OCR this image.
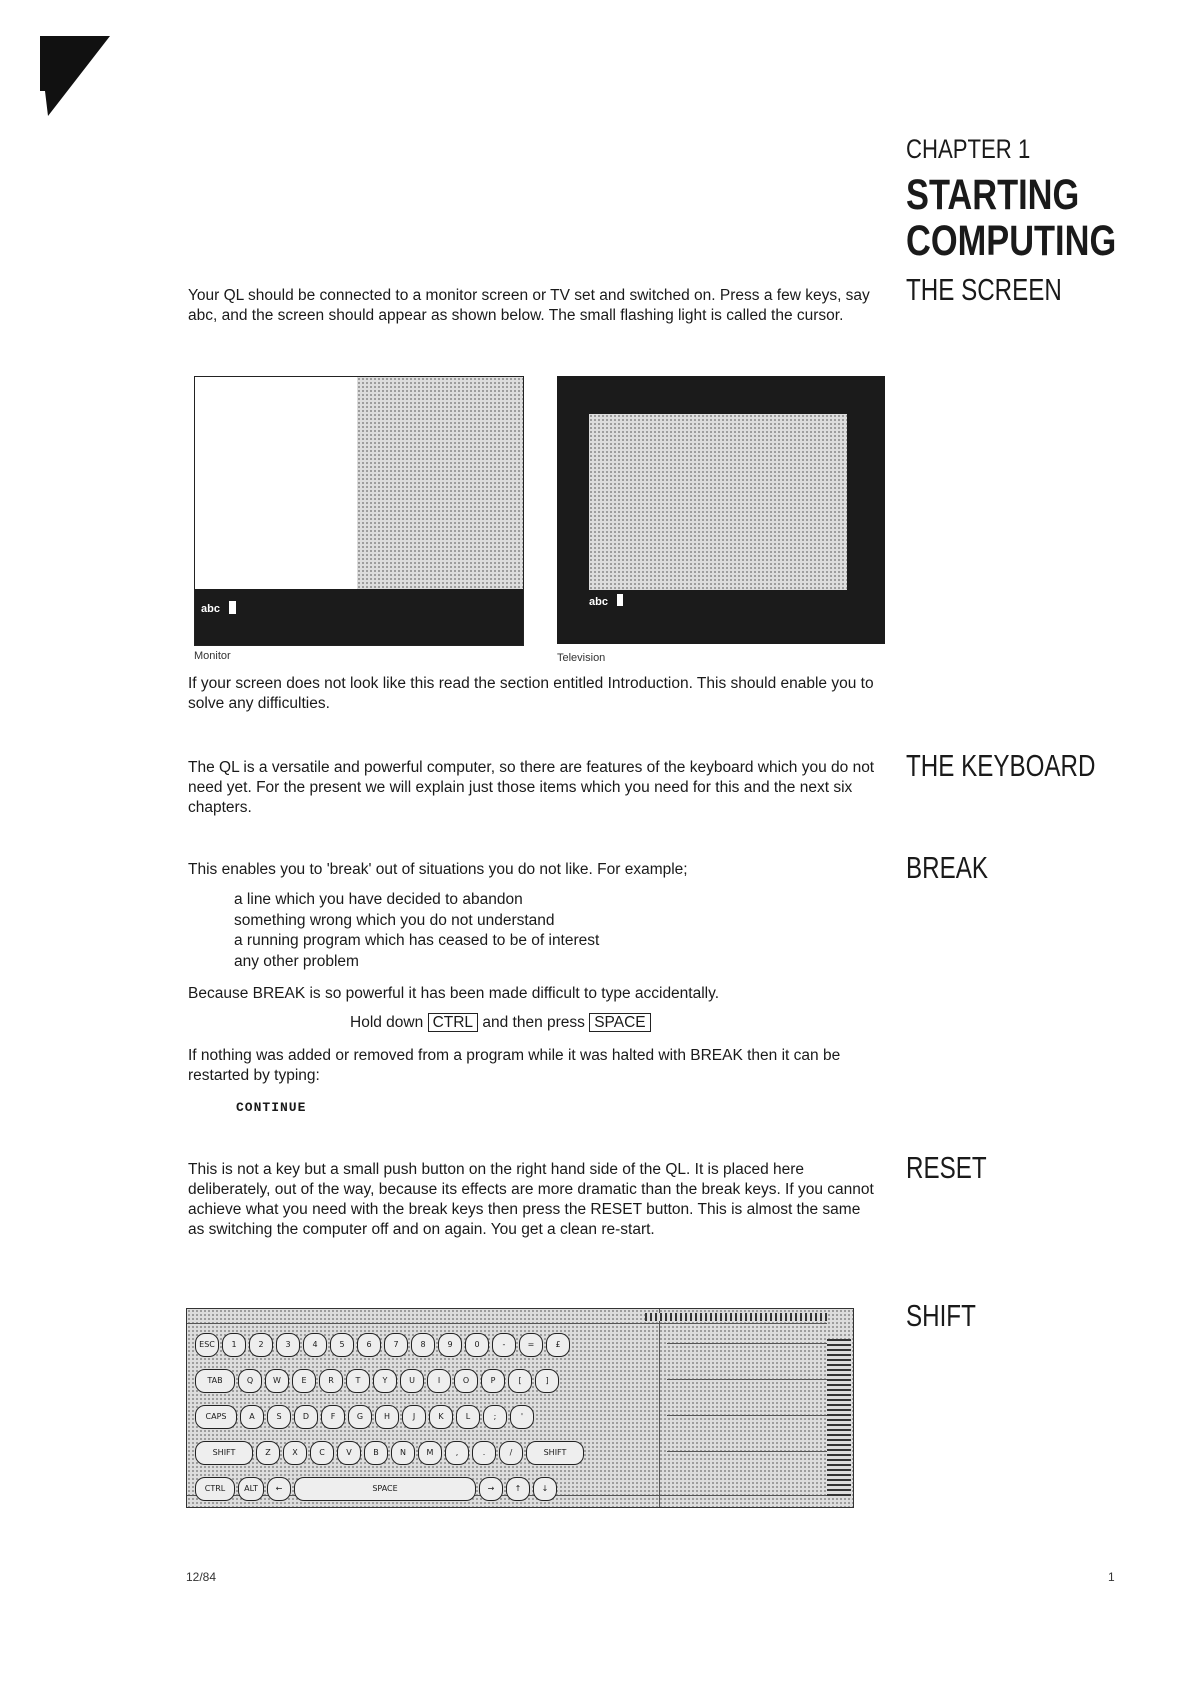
CHAPTER 1
STARTING
COMPUTING
THE SCREEN
Your QL should be connected to a monitor screen or TV set and switched on. Press a few keys, say abc, and the screen should appear as shown below. The small flashing light is called the cursor.
abc
Monitor
abc
Television
If your screen does not look like this read the section entitled Introduction. This should enable you to solve any difficulties.
THE KEYBOARD
The QL is a versatile and powerful computer, so there are features of the keyboard which you do not need yet. For the present we will explain just those items which you need for this and the next six chapters.
BREAK
This enables you to 'break' out of situations you do not like. For example;
a line which you have decided to abandon
something wrong which you do not understand
a running program which has ceased to be of interest
any other problem
Because BREAK is so powerful it has been made difficult to type accidentally.
Hold down CTRL and then press SPACE
If nothing was added or removed from a program while it was halted with BREAK then it can be restarted by typing:
CONTINUE
RESET
This is not a key but a small push button on the right hand side of the QL. It is placed here deliberately, out of the way, because its effects are more dramatic than the break keys. If you cannot achieve what you need with the break keys then press the RESET button. This is almost the same as switching the computer off and on again. You get a clean re-start.
SHIFT
ESC	1	2	3	4	5	6	7	8	9	0	-	=	£
TAB	Q	W	E	R	T	Y	U	I	O	P	[	]
CAPS	A	S	D	F	G	H	J	K	L	;	'
SHIFT	Z	X	C	V	B	N	M	,	.	/	SHIFT
CTRL	ALT	←	SPACE	→	↑	↓
12/84	1
